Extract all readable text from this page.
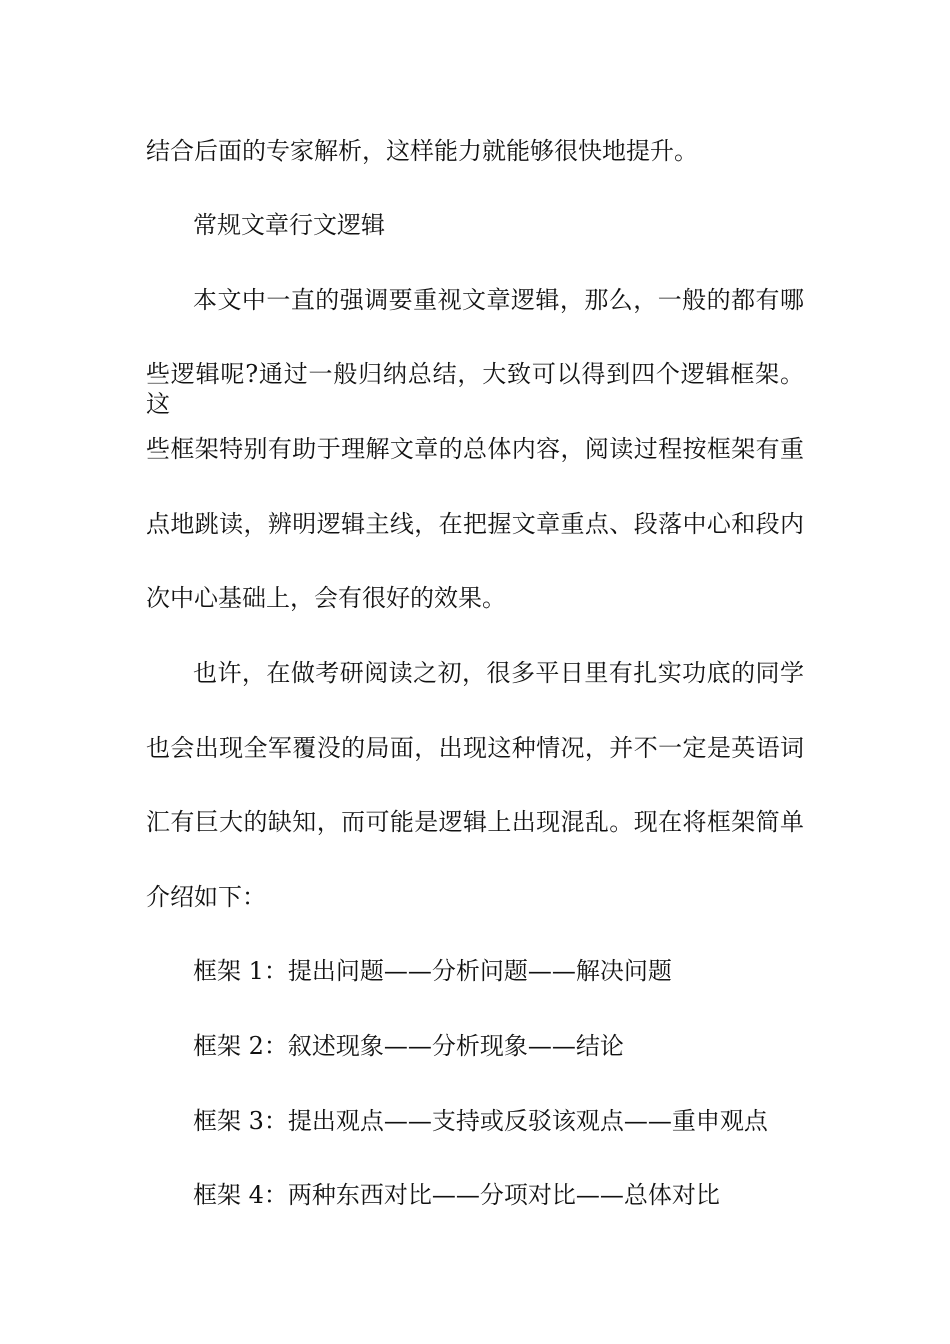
结合后面的专家解析，这样能力就能够很快地提升。
常规文章行文逻辑
本文中一直的强调要重视文章逻辑，那么，一般的都有哪
些逻辑呢?通过一般归纳总结，大致可以得到四个逻辑框架。这
些框架特别有助于理解文章的总体内容，阅读过程按框架有重
点地跳读，辨明逻辑主线，在把握文章重点、段落中心和段内
次中心基础上，会有很好的效果。
也许，在做考研阅读之初，很多平日里有扎实功底的同学
也会出现全军覆没的局面，出现这种情况，并不一定是英语词
汇有巨大的缺知，而可能是逻辑上出现混乱。现在将框架简单
介绍如下：
框架 1：提出问题——分析问题——解决问题
框架 2：叙述现象——分析现象——结论
框架 3：提出观点——支持或反驳该观点——重申观点
框架 4：两种东西对比——分项对比——总体对比
